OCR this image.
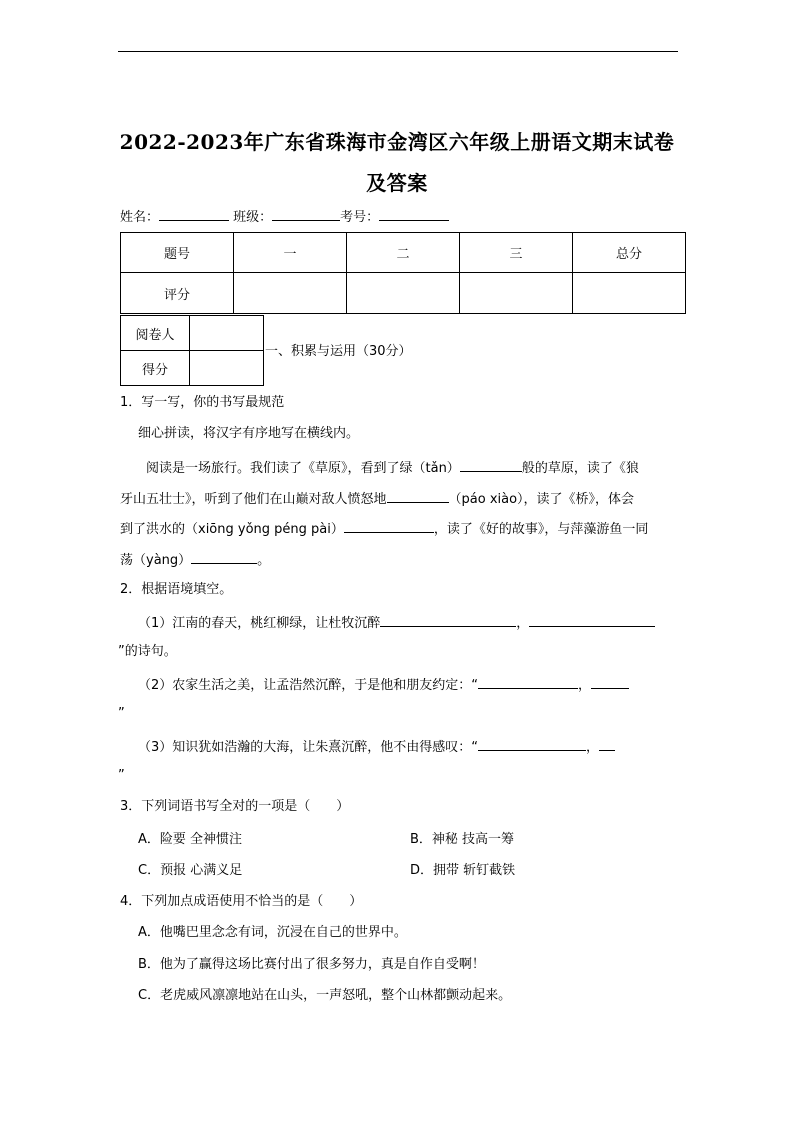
2022-2023年广东省珠海市金湾区六年级上册语文期末试卷
及答案
姓名：	班级：	考号：
题号	一	二	三	总分
评分				
阅卷人	
得分	
一、积累与运用（30分）
1．写一写，你的书写最规范
细心拼读，将汉字有序地写在横线内。
阅读是一场旅行。我们读了《草原》，看到了绿（tǎn）	般的草原，读了《狼
牙山五壮士》，听到了他们在山巅对敌人愤怒地	（páo xiào），读了《桥》，体会
到了洪水的（xiōng yǒng péng pài）	，读了《好的故事》，与萍藻游鱼一同
荡（yàng）	。
2．根据语境填空。
（1）江南的春天，桃红柳绿，让杜牧沉醉	，
”的诗句。
（2）农家生活之美，让孟浩然沉醉，于是他和朋友约定：“	，
”
（3）知识犹如浩瀚的大海，让朱熹沉醉，他不由得感叹：“	，
”
3．下列词语书写全对的一项是（　　）
A．险要 全神惯注	B．神秘 技高一筹
C．预报 心满义足	D．拥带 斩钉截铁
4．下列加点成语使用不恰当的是（　　）
A．他嘴巴里念念有词，沉浸在自己的世界中。
B．他为了赢得这场比赛付出了很多努力，真是自作自受啊！
C．老虎威风凛凛地站在山头，一声怒吼，整个山林都颤动起来。
